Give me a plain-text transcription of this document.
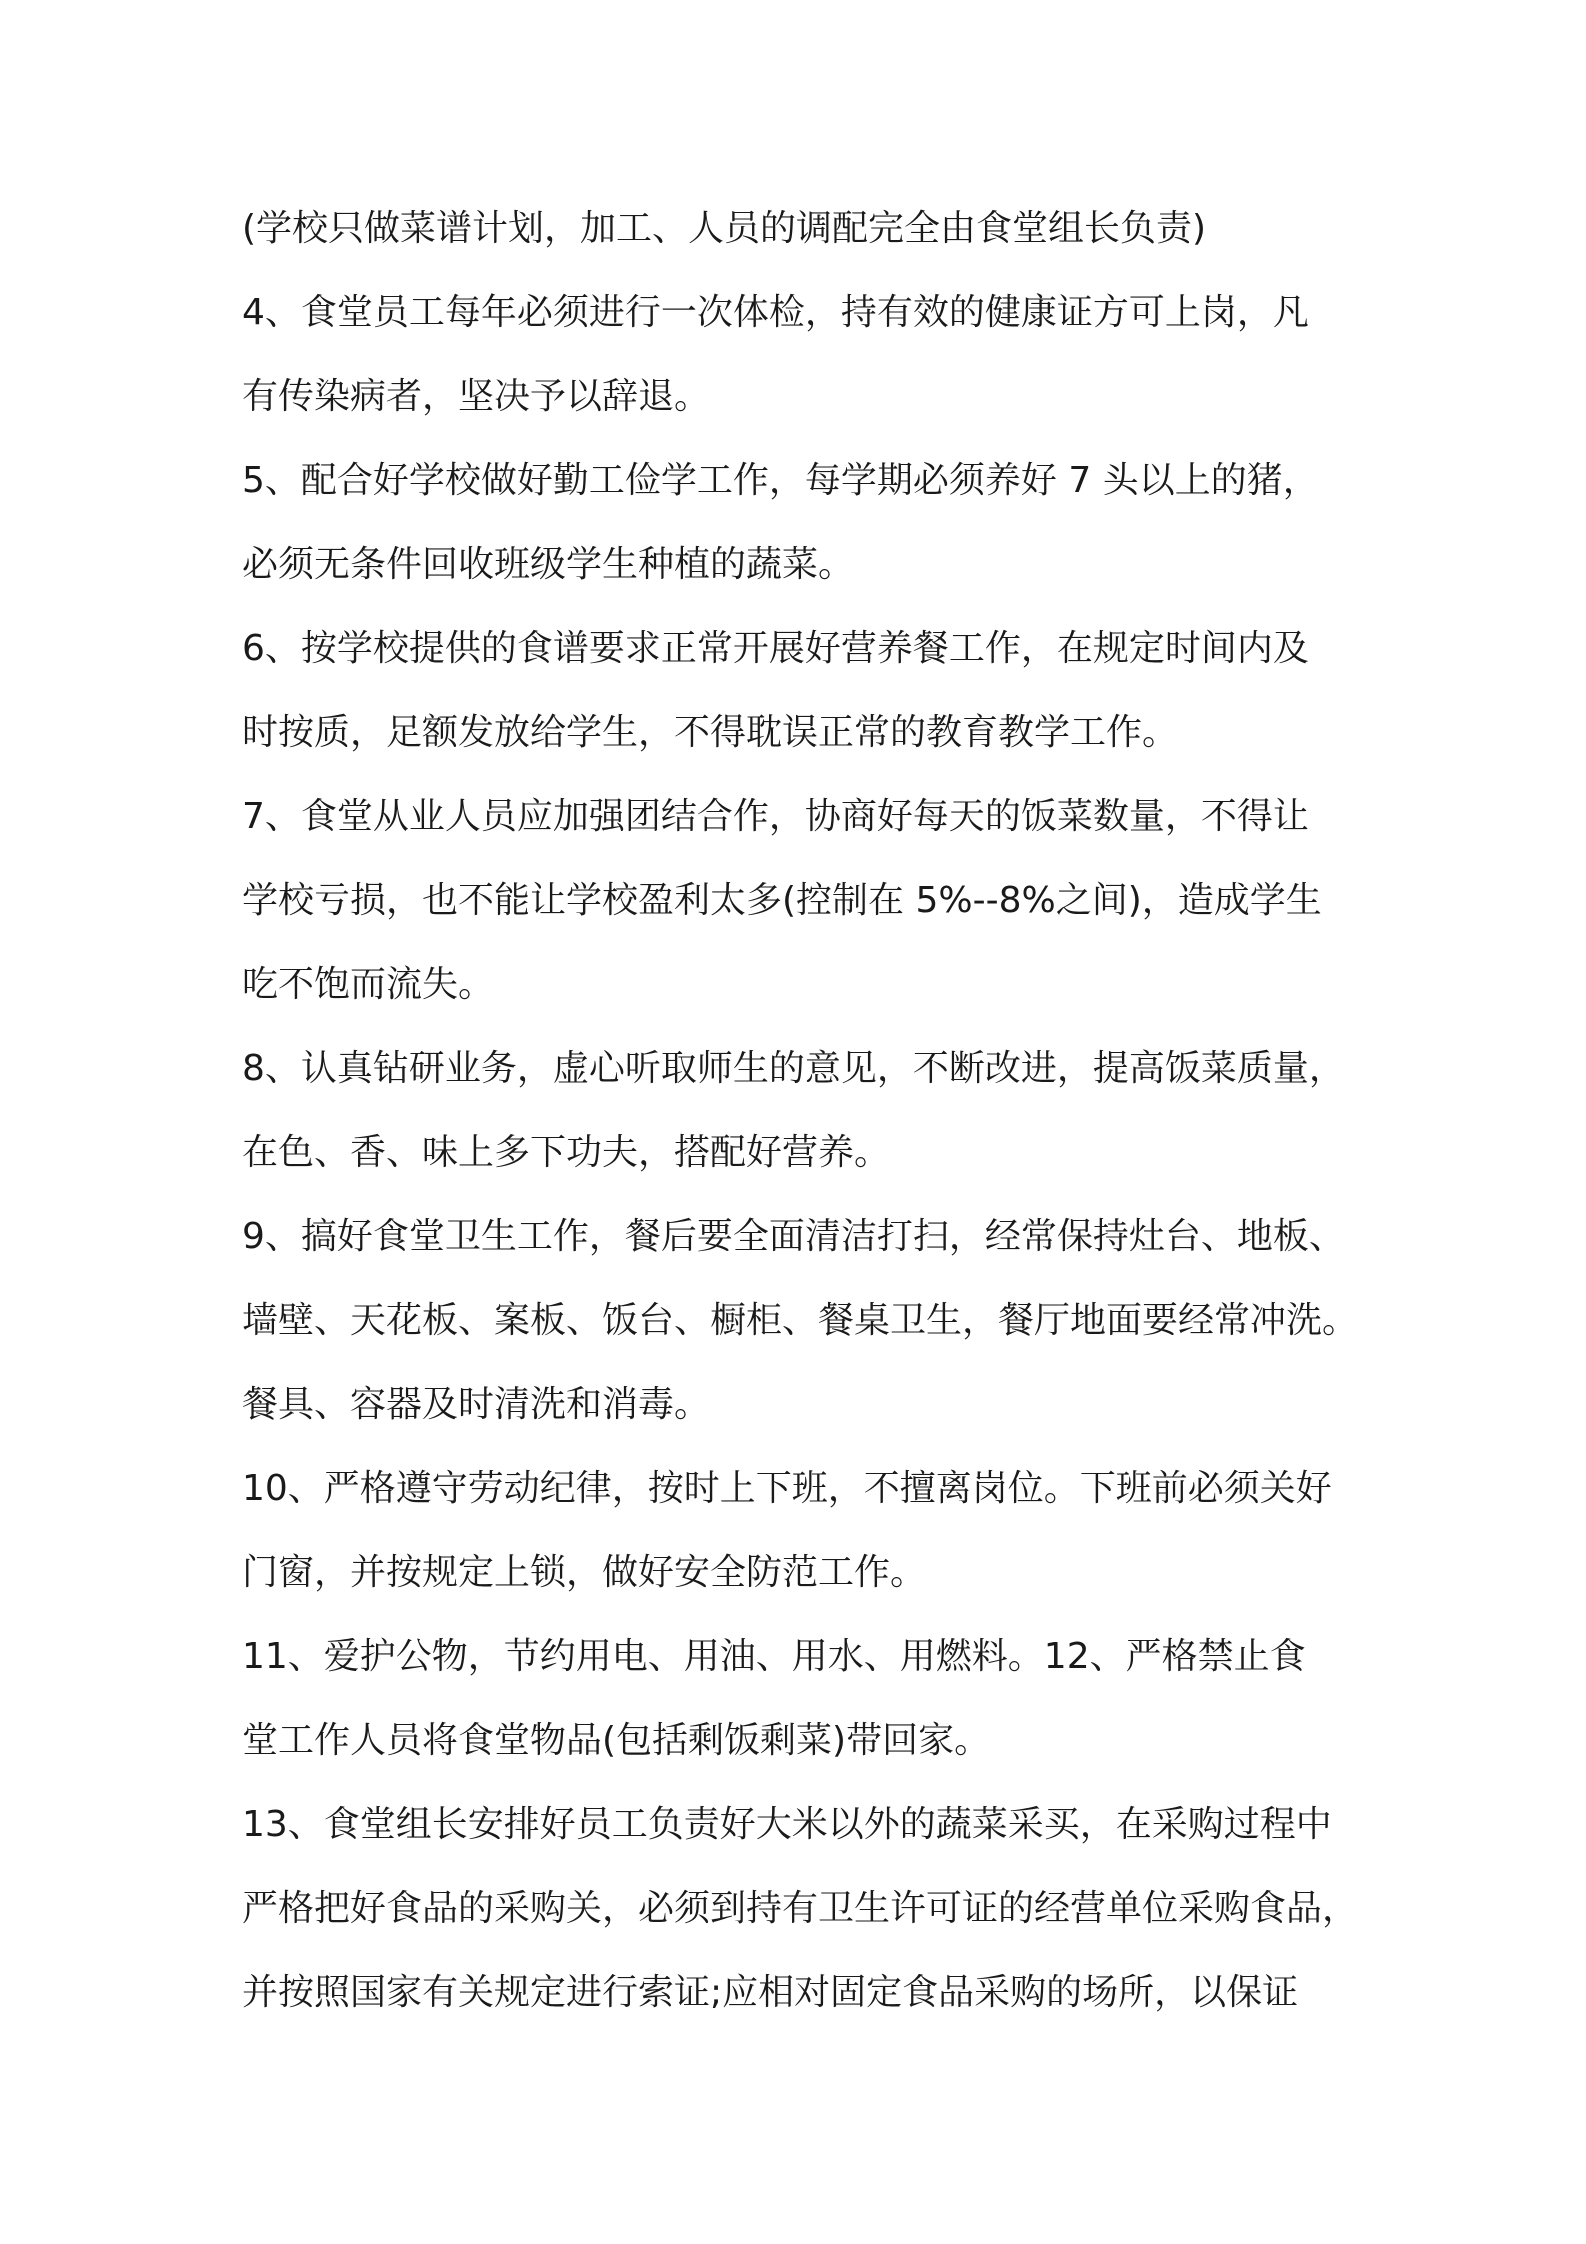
(学校只做菜谱计划，加工、人员的调配完全由食堂组长负责)
4、食堂员工每年必须进行一次体检，持有效的健康证方可上岗，凡
有传染病者，坚决予以辞退。
5、配合好学校做好勤工俭学工作，每学期必须养好 7 头以上的猪，
必须无条件回收班级学生种植的蔬菜。
6、按学校提供的食谱要求正常开展好营养餐工作，在规定时间内及
时按质，足额发放给学生，不得耽误正常的教育教学工作。
7、食堂从业人员应加强团结合作，协商好每天的饭菜数量，不得让
学校亏损，也不能让学校盈利太多(控制在 5%--8%之间)，造成学生
吃不饱而流失。
8、认真钻研业务，虚心听取师生的意见，不断改进，提高饭菜质量，
在色、香、味上多下功夫，搭配好营养。
9、搞好食堂卫生工作，餐后要全面清洁打扫，经常保持灶台、地板、
墙壁、天花板、案板、饭台、橱柜、餐桌卫生，餐厅地面要经常冲洗。
餐具、容器及时清洗和消毒。
10、严格遵守劳动纪律，按时上下班，不擅离岗位。下班前必须关好
门窗，并按规定上锁，做好安全防范工作。
11、爱护公物，节约用电、用油、用水、用燃料。12、严格禁止食
堂工作人员将食堂物品(包括剩饭剩菜)带回家。
13、食堂组长安排好员工负责好大米以外的蔬菜采买，在采购过程中
严格把好食品的采购关，必须到持有卫生许可证的经营单位采购食品，
并按照国家有关规定进行索证;应相对固定食品采购的场所，以保证
